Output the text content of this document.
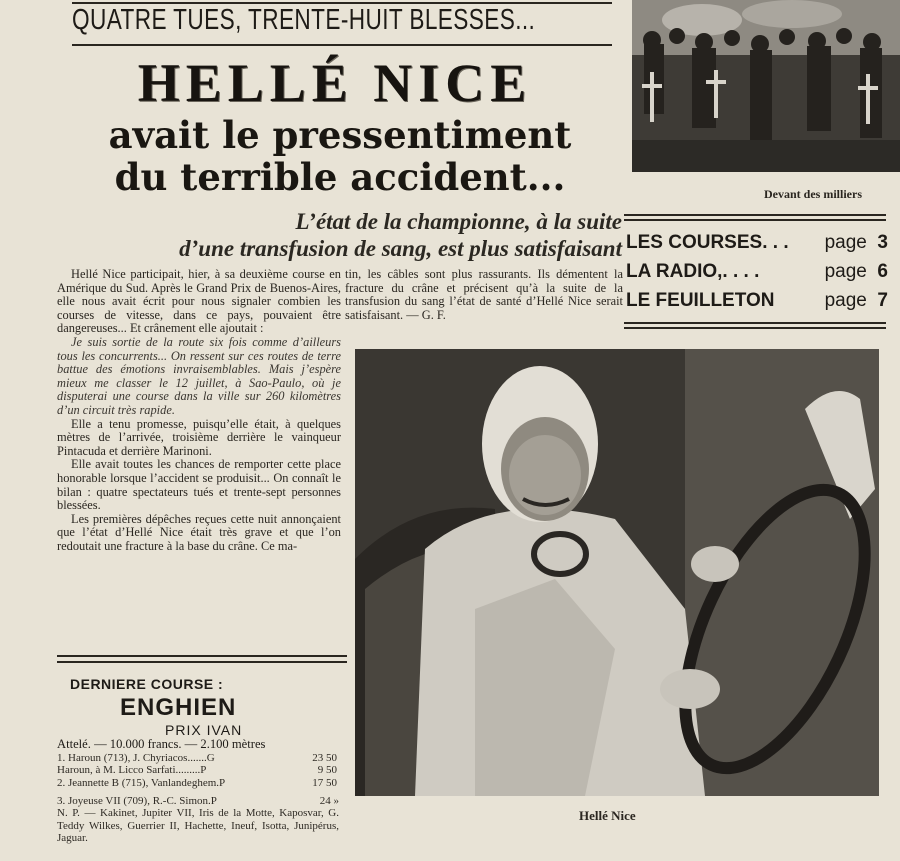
QUATRE TUES, TRENTE-HUIT BLESSES...
HELLÉ NICE
avait le pressentiment
du terrible accident...
L’état de la championne, à la suite
d’une transfusion de sang, est plus satisfaisant

Hellé Nice participait, hier, à sa deuxième course en Amérique du Sud. Après le Grand Prix de Buenos-Aires, elle nous avait écrit pour nous signaler combien les courses de vitesse, dans ce pays, pouvaient être dangereuses... Et crânement elle ajoutait :

Je suis sortie de la route six fois comme d’ailleurs tous les concurrents... On ressent sur ces routes de terre battue des émotions invraisemblables. Mais j’espère mieux me classer le 12 juillet, à Sao-Paulo, où je disputerai une course dans la ville sur 260 kilomètres d’un circuit très rapide.

Elle a tenu promesse, puisqu’elle était, à quelques mètres de l’arrivée, troisième derrière le vainqueur Pintacuda et derrière Marinoni.

Elle avait toutes les chances de remporter cette place honorable lorsque l’accident se produisit... On connaît le bilan : quatre spectateurs tués et trente-sept personnes blessées.

Les premières dépêches reçues cette nuit annonçaient que l’état d’Hellé Nice était très grave et que l’on redoutait une fracture à la base du crâne. Ce ma-

tin, les câbles sont plus rassurants. Ils démentent la fracture du crâne et précisent qu’à la suite de la transfusion du sang l’état de santé d’Hellé Nice serait satisfaisant. — G. F.

Devant des milliers
LES COURSES. . . page 3
LA RADIO,. . . .	page 6
LE FEUILLETON	page 7
Hellé Nice
DERNIERE COURSE :
ENGHIEN
PRIX IVAN
Attelé. — 10.000 francs. — 2.100 mètres
1. Haroun (713), J. Chyriacos.......G	23 50
Haroun, à M. Licco Sarfati.........P	9 50
2. Jeannette B (715), Vanlandeghem.P	17 50
3. Joyeuse VII (709), R.-C. Simon.P	24 »
N. P. — Kakinet, Jupiter VII, Iris de la Motte, Kaposvar, G. Teddy Wilkes, Guerrier II, Hachette, Ineuf, Isotta, Junipérus, Jaguar.
